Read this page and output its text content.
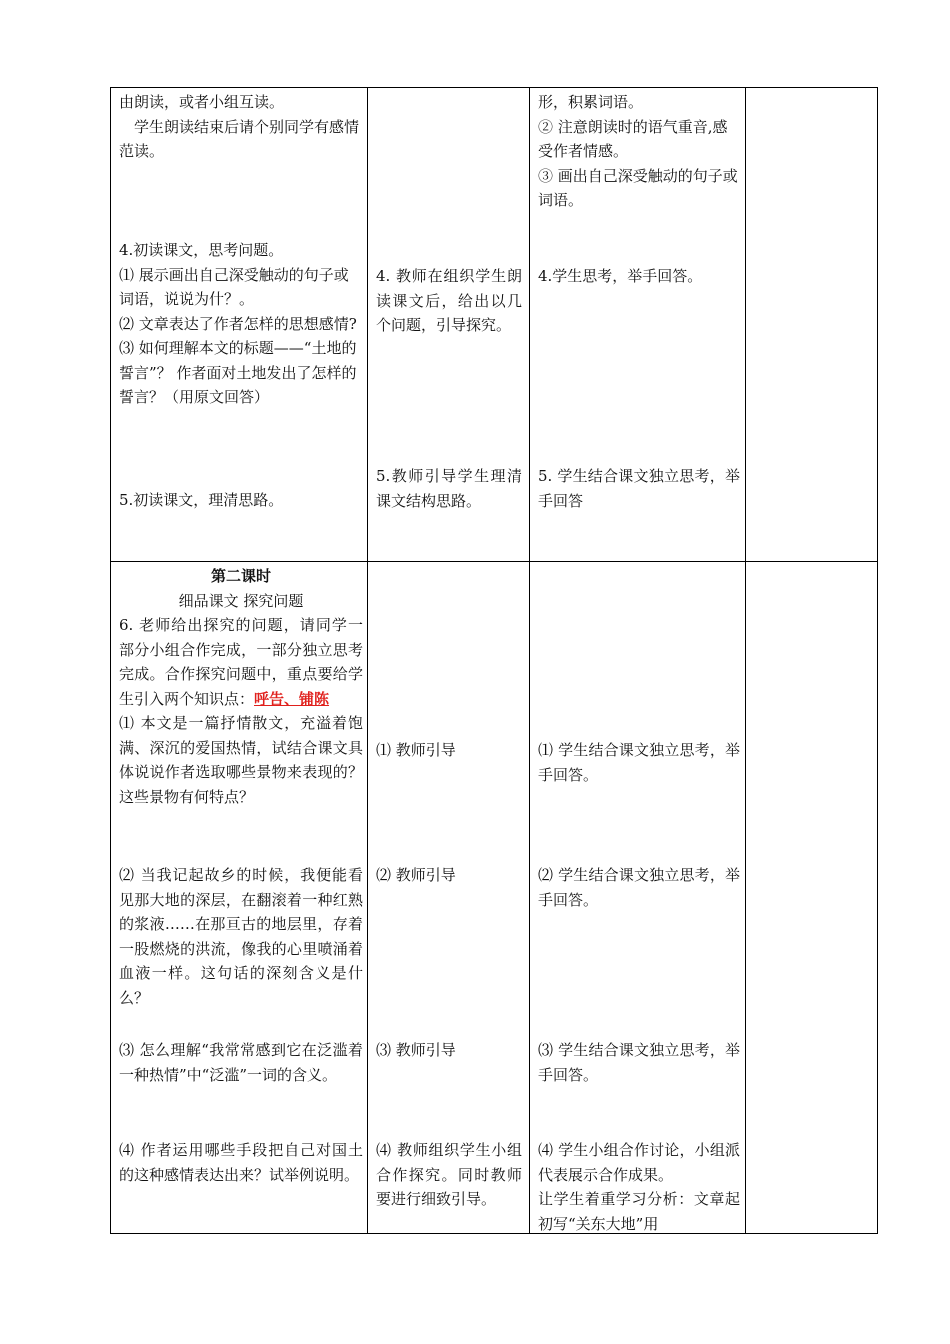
由朗读，或者小组互读。

学生朗读结束后请个别同学有感情范读。

形，积累词语。

② 注意朗读时的语气重音,感受作者情感。

③ 画出自己深受触动的句子或词语。

4.初读课文，思考问题。

⑴ 展示画出自己深受触动的句子或词语，说说为什？。

⑵ 文章表达了作者怎样的思想感情?

⑶ 如何理解本文的标题——“土地的誓言”？ 作者面对土地发出了怎样的誓言？（用原文回答）

5.初读课文，理清思路。

4. 教师在组织学生朗读课文后，给出以几个问题，引导探究。

5.教师引导学生理清课文结构思路。

4.学生思考，举手回答。

5. 学生结合课文独立思考，举手回答

第二课时

细品课文 探究问题

6. 老师给出探究的问题，请同学一部分小组合作完成，一部分独立思考完成。合作探究问题中，重点要给学生引入两个知识点：呼告、铺陈

⑴ 本文是一篇抒情散文，充溢着饱满、深沉的爱国热情，试结合课文具体说说作者选取哪些景物来表现的？这些景物有何特点？

⑵ 当我记起故乡的时候，我便能看见那大地的深层，在翻滚着一种红熟的浆液……在那亘古的地层里，存着一股燃烧的洪流，像我的心里喷涌着血液一样。这句话的深刻含义是什么？

⑶ 怎么理解“我常常感到它在泛滥着一种热情”中“泛滥”一词的含义。

⑷ 作者运用哪些手段把自己对国土的这种感情表达出来？试举例说明。

⑴ 教师引导
⑵ 教师引导
⑶ 教师引导
⑷ 教师组织学生小组合作探究。同时教师要进行细致引导。
⑴ 学生结合课文独立思考，举手回答。
⑵ 学生结合课文独立思考，举手回答。
⑶ 学生结合课文独立思考，举手回答。

⑷ 学生小组合作讨论，小组派代表展示合作成果。

让学生着重学习分析：文章起初写“关东大地”用
